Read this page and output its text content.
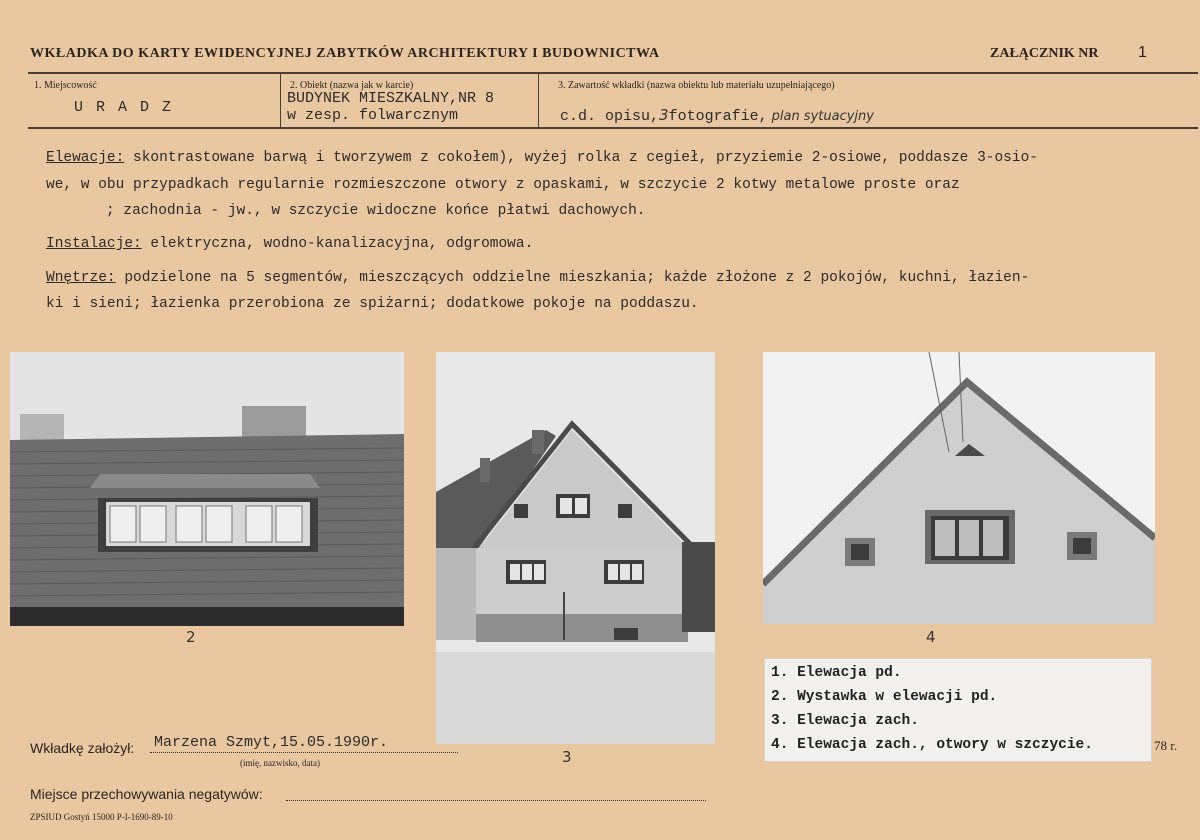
WKŁADKA DO KARTY EWIDENCYJNEJ ZABYTKÓW ARCHITEKTURY I BUDOWNICTWA	ZAŁĄCZNIK NR 1
1. Miejscowość
U R A D Z
2. Obiekt (nazwa jak w karcie)
BUDYNEK MIESZKALNY,NR 8
w zesp. folwarcznym
3. Zawartość wkładki (nazwa obiektu lub materiału uzupełniającego)
c.d. opisu,3fotografie, plan sytuacyjny
Elewacje: skontrastowane barwą i tworzywem z cokołem), wyżej rolka z cegieł, przyziemie 2-osiowe, poddasze 3-osio-
we, w obu przypadkach regularnie rozmieszczone otwory z opaskami, w szczycie 2 kotwy metalowe proste oraz
; zachodnia - jw., w szczycie widoczne końce płatwi dachowych.
Instalacje: elektryczna, wodno-kanalizacyjna, odgromowa.
Wnętrze: podzielone na 5 segmentów, mieszczących oddzielne mieszkania; każde złożone z 2 pokojów, kuchni, łazien-
ki i sieni; łazienka przerobiona ze spiżarni; dodatkowe pokoje na poddaszu.
2
3
4
1. Elewacja pd.
2. Wystawka w elewacji pd.
3. Elewacja zach.
4. Elewacja zach., otwory w szczycie.	78 r.
Wkładkę założył: Marzena Szmyt,15.05.1990r.
(imię, nazwisko, data)
Miejsce przechowywania negatywów:
ZPSIUD Gostyń 15000 P-I-1690-89-10
